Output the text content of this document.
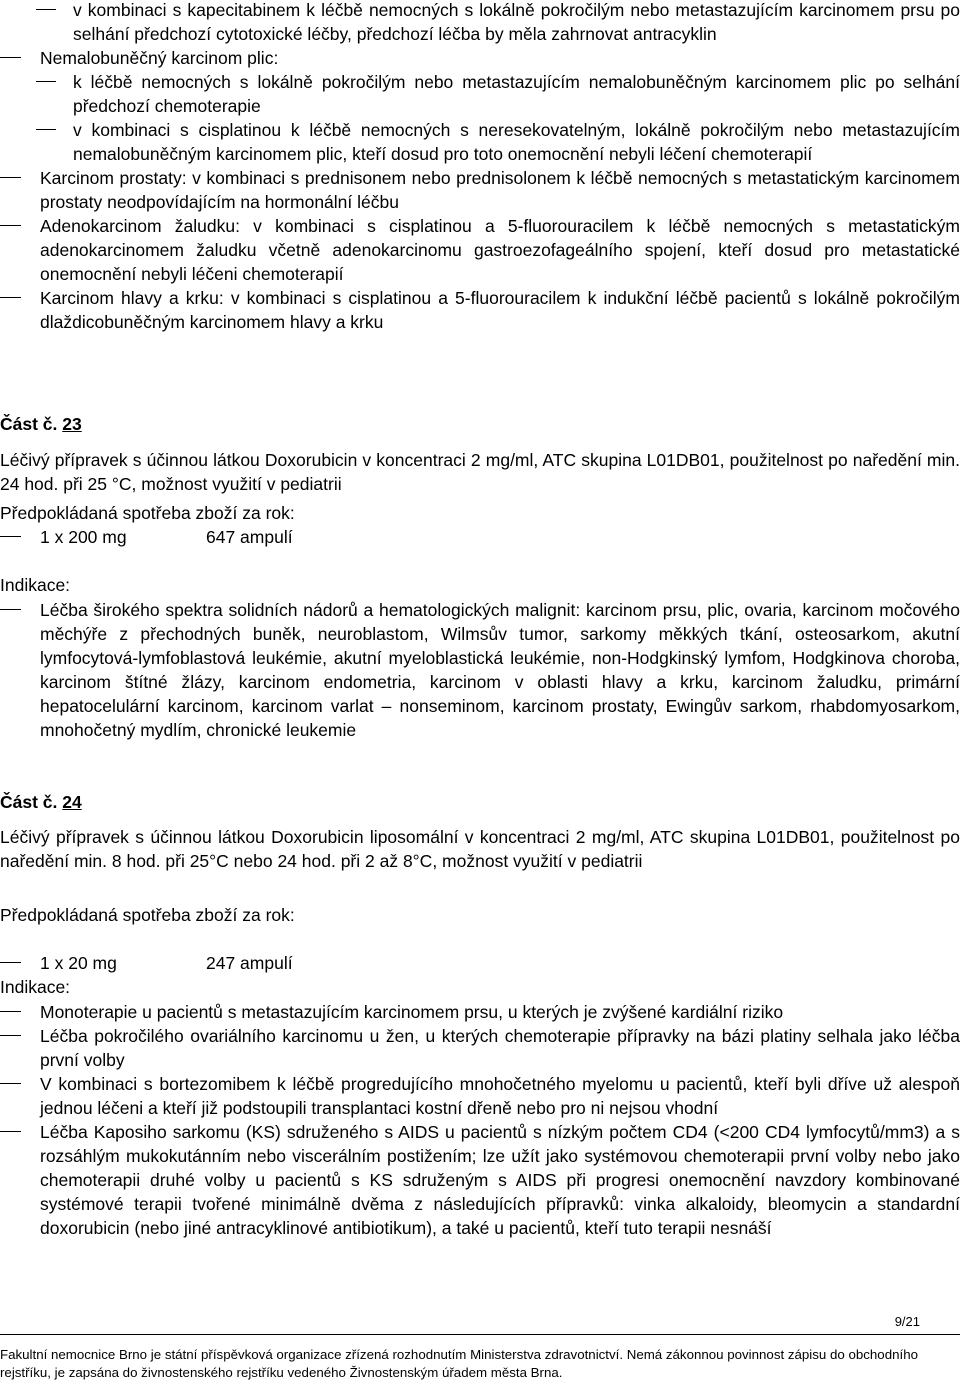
v kombinaci s kapecitabinem k léčbě nemocných s lokálně pokročilým nebo metastazujícím karcinomem prsu po selhání předchozí cytotoxické léčby, předchozí léčba by měla zahrnovat antracyklin
Nemalobuněčný karcinom plic:
k léčbě nemocných s lokálně pokročilým nebo metastazujícím nemalobuněčným karcinomem plic po selhání předchozí chemoterapie
v kombinaci s cisplatinou k léčbě nemocných s neresekovatelným, lokálně pokročilým nebo metastazujícím nemalobuněčným karcinomem plic, kteří dosud pro toto onemocnění nebyli léčení chemoterapií
Karcinom prostaty: v kombinaci s prednisonem nebo prednisolonem k léčbě nemocných s metastatickým karcinomem prostaty neodpovídajícím na hormonální léčbu
Adenokarcinom žaludku: v kombinaci s cisplatinou a 5-fluorouracilem k léčbě nemocných s metastatickým adenokarcinomem žaludku včetně adenokarcinomu gastroezofageálního spojení, kteří dosud pro metastatické onemocnění nebyli léčeni chemoterapií
Karcinom hlavy a krku: v kombinaci s cisplatinou a 5-fluorouracilem k indukční léčbě pacientů s lokálně pokročilým dlaždicobuněčným karcinomem hlavy a krku
Část č. 23
Léčivý přípravek s účinnou látkou Doxorubicin v koncentraci 2 mg/ml, ATC skupina L01DB01, použitelnost po naředění min. 24 hod. při 25 °C, možnost využití v pediatrii
Předpokládaná spotřeba zboží za rok:
1 x 200 mg	647 ampulí
Indikace:
Léčba širokého spektra solidních nádorů a hematologických malignit: karcinom prsu, plic, ovaria, karcinom močového měchýře z přechodných buněk, neuroblastom, Wilmsův tumor, sarkomy měkkých tkání, osteosarkom, akutní lymfocytová-lymfoblastová leukémie, akutní myeloblastická leukémie, non-Hodgkinský lymfom, Hodgkinova choroba, karcinom štítné žlázy, karcinom endometria, karcinom v oblasti hlavy a krku, karcinom žaludku, primární hepatocelulární karcinom, karcinom varlat – nonseminom, karcinom prostaty, Ewingův sarkom, rhabdomyosarkom, mnohočetný mydlím, chronické leukemie
Část č. 24
Léčivý přípravek s účinnou látkou Doxorubicin liposomální v koncentraci 2 mg/ml, ATC skupina L01DB01, použitelnost po naředění min. 8 hod. při 25°C nebo 24 hod. při 2 až 8°C, možnost využití v pediatrii
Předpokládaná spotřeba zboží za rok:
1 x 20 mg	247 ampulí
Indikace:
Monoterapie u pacientů s metastazujícím karcinomem prsu, u kterých je zvýšené kardiální riziko
Léčba pokročilého ovariálního karcinomu u žen, u kterých chemoterapie přípravky na bázi platiny selhala jako léčba první volby
V kombinaci s bortezomibem k léčbě progredujícího mnohočetného myelomu u pacientů, kteří byli dříve už alespoň jednou léčeni a kteří již podstoupili transplantaci kostní dřeně nebo pro ni nejsou vhodní
Léčba Kaposiho sarkomu (KS) sdruženého s AIDS u pacientů s nízkým počtem CD4 (<200 CD4 lymfocytů/mm3) a s rozsáhlým mukokutánním nebo viscerálním postižením; lze užít jako systémovou chemoterapii první volby nebo jako chemoterapii druhé volby u pacientů s KS sdruženým s AIDS při progresi onemocnění navzdory kombinované systémové terapii tvořené minimálně dvěma z následujících přípravků: vinka alkaloidy, bleomycin a standardní doxorubicin (nebo jiné antracyklinové antibiotikum), a také u pacientů, kteří tuto terapii nesnáší
9/21
Fakultní nemocnice Brno je státní příspěvková organizace zřízená rozhodnutím Ministerstva zdravotnictví. Nemá zákonnou povinnost zápisu do obchodního rejstříku, je zapsána do živnostenského rejstříku vedeného Živnostenským úřadem města Brna.
